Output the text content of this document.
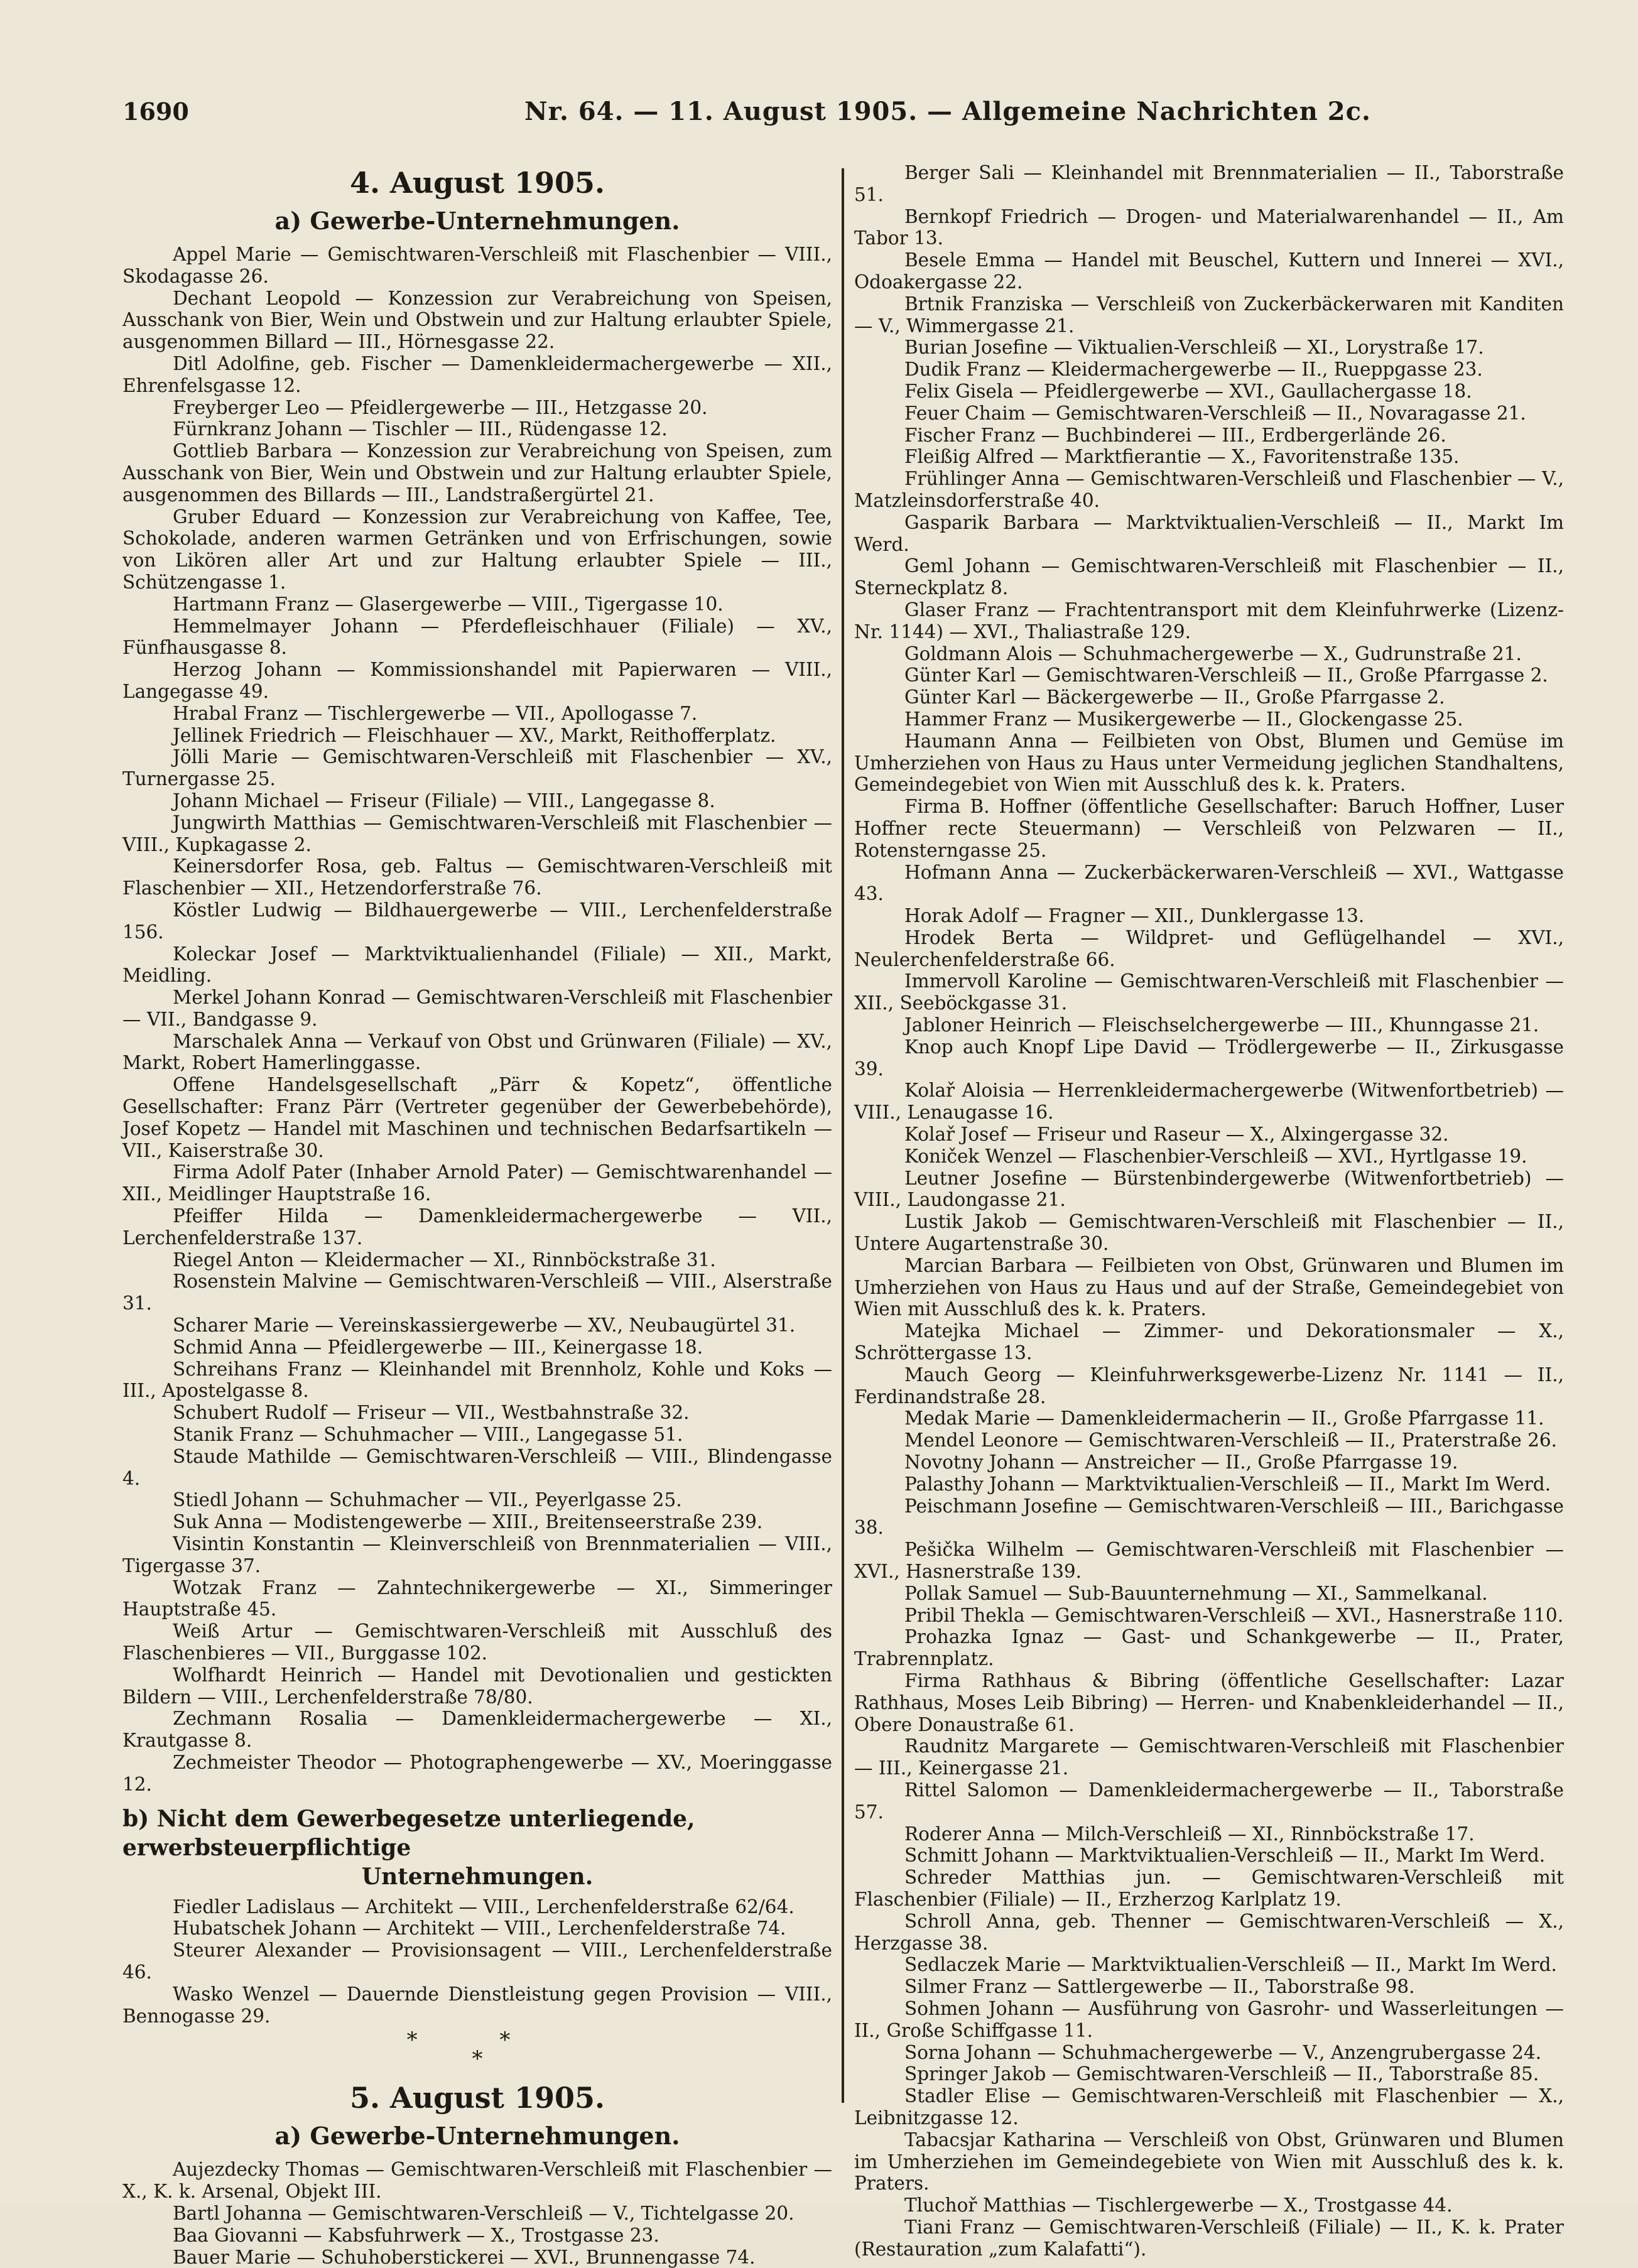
1690	Nr. 64. — 11. August 1905. — Allgemeine Nachrichten 2c.

4. August 1905.

a) Gewerbe-Unternehmungen.

Appel Marie — Gemischtwaren-Verschleiß mit Flaschenbier — VIII., Skodagasse 26.

Dechant Leopold — Konzession zur Verabreichung von Speisen, Ausschank von Bier, Wein und Obstwein und zur Haltung erlaubter Spiele, ausgenommen Billard — III., Hörnesgasse 22.

Ditl Adolfine, geb. Fischer — Damenkleidermachergewerbe — XII., Ehrenfelsgasse 12.

Freyberger Leo — Pfeidlergewerbe — III., Hetzgasse 20.

Fürnkranz Johann — Tischler — III., Rüdengasse 12.

Gottlieb Barbara — Konzession zur Verabreichung von Speisen, zum Ausschank von Bier, Wein und Obstwein und zur Haltung erlaubter Spiele, ausgenommen des Billards — III., Landstraßergürtel 21.

Gruber Eduard — Konzession zur Verabreichung von Kaffee, Tee, Schokolade, anderen warmen Getränken und von Erfrischungen, sowie von Likören aller Art und zur Haltung erlaubter Spiele — III., Schützengasse 1.

Hartmann Franz — Glasergewerbe — VIII., Tigergasse 10.

Hemmelmayer Johann — Pferdefleischhauer (Filiale) — XV., Fünfhausgasse 8.

Herzog Johann — Kommissionshandel mit Papierwaren — VIII., Langegasse 49.

Hrabal Franz — Tischlergewerbe — VII., Apollogasse 7.

Jellinek Friedrich — Fleischhauer — XV., Markt, Reithofferplatz.

Jölli Marie — Gemischtwaren-Verschleiß mit Flaschenbier — XV., Turnergasse 25.

Johann Michael — Friseur (Filiale) — VIII., Langegasse 8.

Jungwirth Matthias — Gemischtwaren-Verschleiß mit Flaschenbier — VIII., Kupkagasse 2.

Keinersdorfer Rosa, geb. Faltus — Gemischtwaren-Verschleiß mit Flaschenbier — XII., Hetzendorferstraße 76.

Köstler Ludwig — Bildhauergewerbe — VIII., Lerchenfelderstraße 156.

Koleckar Josef — Marktviktualienhandel (Filiale) — XII., Markt, Meidling.

Merkel Johann Konrad — Gemischtwaren-Verschleiß mit Flaschenbier — VII., Bandgasse 9.

Marschalek Anna — Verkauf von Obst und Grünwaren (Filiale) — XV., Markt, Robert Hamerlinggasse.

Offene Handelsgesellschaft „Pärr & Kopetz“, öffentliche Gesellschafter: Franz Pärr (Vertreter gegenüber der Gewerbebehörde), Josef Kopetz — Handel mit Maschinen und technischen Bedarfsartikeln — VII., Kaiserstraße 30.

Firma Adolf Pater (Inhaber Arnold Pater) — Gemischtwarenhandel — XII., Meidlinger Hauptstraße 16.

Pfeiffer Hilda — Damenkleidermachergewerbe — VII., Lerchenfelderstraße 137.

Riegel Anton — Kleidermacher — XI., Rinnböckstraße 31.

Rosenstein Malvine — Gemischtwaren-Verschleiß — VIII., Alserstraße 31.

Scharer Marie — Vereinskassiergewerbe — XV., Neubaugürtel 31.

Schmid Anna — Pfeidlergewerbe — III., Keinergasse 18.

Schreihans Franz — Kleinhandel mit Brennholz, Kohle und Koks — III., Apostelgasse 8.

Schubert Rudolf — Friseur — VII., Westbahnstraße 32.

Stanik Franz — Schuhmacher — VIII., Langegasse 51.

Staude Mathilde — Gemischtwaren-Verschleiß — VIII., Blindengasse 4.

Stiedl Johann — Schuhmacher — VII., Peyerlgasse 25.

Suk Anna — Modistengewerbe — XIII., Breitenseerstraße 239.

Visintin Konstantin — Kleinverschleiß von Brennmaterialien — VIII., Tigergasse 37.

Wotzak Franz — Zahntechnikergewerbe — XI., Simmeringer Hauptstraße 45.

Weiß Artur — Gemischtwaren-Verschleiß mit Ausschluß des Flaschenbieres — VII., Burggasse 102.

Wolfhardt Heinrich — Handel mit Devotionalien und gestickten Bildern — VIII., Lerchenfelderstraße 78/80.

Zechmann Rosalia — Damenkleidermachergewerbe — XI., Krautgasse 8.

Zechmeister Theodor — Photographengewerbe — XV., Moeringgasse 12.

b) Nicht dem Gewerbegesetze unterliegende, erwerbsteuerpflichtige
Unternehmungen.

Fiedler Ladislaus — Architekt — VIII., Lerchenfelderstraße 62/64.

Hubatschek Johann — Architekt — VIII., Lerchenfelderstraße 74.

Steurer Alexander — Provisionsagent — VIII., Lerchenfelderstraße 46.

Wasko Wenzel — Dauernde Dienstleistung gegen Provision — VIII., Bennogasse 29.

* *
*

5. August 1905.

a) Gewerbe-Unternehmungen.

Aujezdecky Thomas — Gemischtwaren-Verschleiß mit Flaschenbier — X., K. k. Arsenal, Objekt III.

Bartl Johanna — Gemischtwaren-Verschleiß — V., Tichtelgasse 20.

Baa Giovanni — Kabsfuhrwerk — X., Trostgasse 23.

Bauer Marie — Schuhoberstickerei — XVI., Brunnengasse 74.

Berger Sali — Kleinhandel mit Brennmaterialien — II., Taborstraße 51.

Bernkopf Friedrich — Drogen- und Materialwarenhandel — II., Am Tabor 13.

Besele Emma — Handel mit Beuschel, Kuttern und Innerei — XVI., Odoakergasse 22.

Brtnik Franziska — Verschleiß von Zuckerbäckerwaren mit Kanditen — V., Wimmergasse 21.

Burian Josefine — Viktualien-Verschleiß — XI., Lorystraße 17.

Dudik Franz — Kleidermachergewerbe — II., Rueppgasse 23.

Felix Gisela — Pfeidlergewerbe — XVI., Gaullachergasse 18.

Feuer Chaim — Gemischtwaren-Verschleiß — II., Novaragasse 21.

Fischer Franz — Buchbinderei — III., Erdbergerlände 26.

Fleißig Alfred — Marktfierantie — X., Favoritenstraße 135.

Frühlinger Anna — Gemischtwaren-Verschleiß und Flaschenbier — V., Matzleinsdorferstraße 40.

Gasparik Barbara — Marktviktualien-Verschleiß — II., Markt Im Werd.

Geml Johann — Gemischtwaren-Verschleiß mit Flaschenbier — II., Sterneckplatz 8.

Glaser Franz — Frachtentransport mit dem Kleinfuhrwerke (Lizenz-Nr. 1144) — XVI., Thaliastraße 129.

Goldmann Alois — Schuhmachergewerbe — X., Gudrunstraße 21.

Günter Karl — Gemischtwaren-Verschleiß — II., Große Pfarrgasse 2.

Günter Karl — Bäckergewerbe — II., Große Pfarrgasse 2.

Hammer Franz — Musikergewerbe — II., Glockengasse 25.

Haumann Anna — Feilbieten von Obst, Blumen und Gemüse im Umherziehen von Haus zu Haus unter Vermeidung jeglichen Standhaltens, Gemeindegebiet von Wien mit Ausschluß des k. k. Praters.

Firma B. Hoffner (öffentliche Gesellschafter: Baruch Hoffner, Luser Hoffner recte Steuermann) — Verschleiß von Pelzwaren — II., Rotensterngasse 25.

Hofmann Anna — Zuckerbäckerwaren-Verschleiß — XVI., Wattgasse 43.

Horak Adolf — Fragner — XII., Dunklergasse 13.

Hrodek Berta — Wildpret- und Geflügelhandel — XVI., Neulerchenfelderstraße 66.

Immervoll Karoline — Gemischtwaren-Verschleiß mit Flaschenbier — XII., Seeböckgasse 31.

Jabloner Heinrich — Fleischselchergewerbe — III., Khunngasse 21.

Knop auch Knopf Lipe David — Trödlergewerbe — II., Zirkusgasse 39.

Kolař Aloisia — Herrenkleidermachergewerbe (Witwenfortbetrieb) — VIII., Lenaugasse 16.

Kolař Josef — Friseur und Raseur — X., Alxingergasse 32.

Koniček Wenzel — Flaschenbier-Verschleiß — XVI., Hyrtlgasse 19.

Leutner Josefine — Bürstenbindergewerbe (Witwenfortbetrieb) — VIII., Laudongasse 21.

Lustik Jakob — Gemischtwaren-Verschleiß mit Flaschenbier — II., Untere Augartenstraße 30.

Marcian Barbara — Feilbieten von Obst, Grünwaren und Blumen im Umherziehen von Haus zu Haus und auf der Straße, Gemeindegebiet von Wien mit Ausschluß des k. k. Praters.

Matejka Michael — Zimmer- und Dekorationsmaler — X., Schröttergasse 13.

Mauch Georg — Kleinfuhrwerksgewerbe-Lizenz Nr. 1141 — II., Ferdinandstraße 28.

Medak Marie — Damenkleidermacherin — II., Große Pfarrgasse 11.

Mendel Leonore — Gemischtwaren-Verschleiß — II., Praterstraße 26.

Novotny Johann — Anstreicher — II., Große Pfarrgasse 19.

Palasthy Johann — Marktviktualien-Verschleiß — II., Markt Im Werd.

Peischmann Josefine — Gemischtwaren-Verschleiß — III., Barichgasse 38.

Pešička Wilhelm — Gemischtwaren-Verschleiß mit Flaschenbier — XVI., Hasnerstraße 139.

Pollak Samuel — Sub-Bauunternehmung — XI., Sammelkanal.

Pribil Thekla — Gemischtwaren-Verschleiß — XVI., Hasnerstraße 110.

Prohazka Ignaz — Gast- und Schankgewerbe — II., Prater, Trabrennplatz.

Firma Rathhaus & Bibring (öffentliche Gesellschafter: Lazar Rathhaus, Moses Leib Bibring) — Herren- und Knabenkleiderhandel — II., Obere Donaustraße 61.

Raudnitz Margarete — Gemischtwaren-Verschleiß mit Flaschenbier — III., Keinergasse 21.

Rittel Salomon — Damenkleidermachergewerbe — II., Taborstraße 57.

Roderer Anna — Milch-Verschleiß — XI., Rinnböckstraße 17.

Schmitt Johann — Marktviktualien-Verschleiß — II., Markt Im Werd.

Schreder Matthias jun. — Gemischtwaren-Verschleiß mit Flaschenbier (Filiale) — II., Erzherzog Karlplatz 19.

Schroll Anna, geb. Thenner — Gemischtwaren-Verschleiß — X., Herzgasse 38.

Sedlaczek Marie — Marktviktualien-Verschleiß — II., Markt Im Werd.

Silmer Franz — Sattlergewerbe — II., Taborstraße 98.

Sohmen Johann — Ausführung von Gasrohr- und Wasserleitungen — II., Große Schiffgasse 11.

Sorna Johann — Schuhmachergewerbe — V., Anzengrubergasse 24.

Springer Jakob — Gemischtwaren-Verschleiß — II., Taborstraße 85.

Stadler Elise — Gemischtwaren-Verschleiß mit Flaschenbier — X., Leibnitzgasse 12.

Tabacsjar Katharina — Verschleiß von Obst, Grünwaren und Blumen im Umherziehen im Gemeindegebiete von Wien mit Ausschluß des k. k. Praters.

Tluchoř Matthias — Tischlergewerbe — X., Trostgasse 44.

Tiani Franz — Gemischtwaren-Verschleiß (Filiale) — II., K. k. Prater (Restauration „zum Kalafatti“).
